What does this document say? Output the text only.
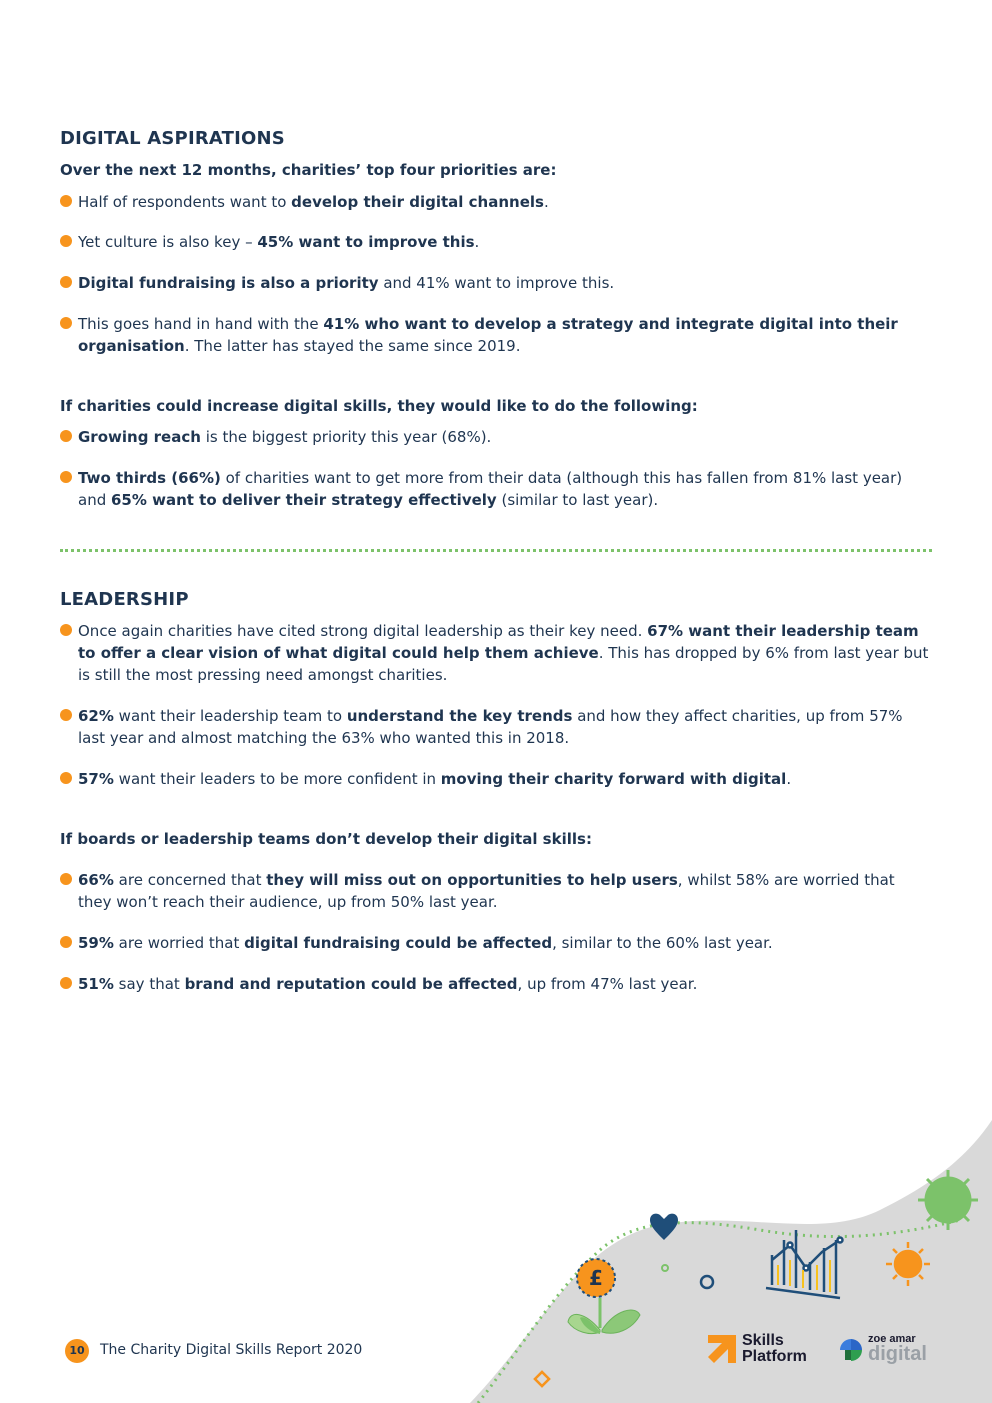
DIGITAL ASPIRATIONS

Over the next 12 months, charities’ top four priorities are:

Half of respondents want to develop their digital channels.
Yet culture is also key – 45% want to improve this.
Digital fundraising is also a priority and 41% want to improve this.
This goes hand in hand with the 41% who want to develop a strategy and integrate digital into their organisation. The latter has stayed the same since 2019.

If charities could increase digital skills, they would like to do the following:

Growing reach is the biggest priority this year (68%).
Two thirds (66%) of charities want to get more from their data (although this has fallen from 81% last year) and 65% want to deliver their strategy effectively (similar to last year).
LEADERSHIP
Once again charities have cited strong digital leadership as their key need. 67% want their leadership team to offer a clear vision of what digital could help them achieve. This has dropped by 6% from last year but is still the most pressing need amongst charities.
62% want their leadership team to understand the key trends and how they affect charities, up from 57% last year and almost matching the 63% who wanted this in 2018.
57% want their leaders to be more confident in moving their charity forward with digital.

If boards or leadership teams don’t develop their digital skills:

66% are concerned that they will miss out on opportunities to help users, whilst 58% are worried that they won’t reach their audience, up from 50% last year.
59% are worried that digital fundraising could be affected, similar to the 60% last year.
51% say that brand and reputation could be affected, up from 47% last year.
£
10	The Charity Digital Skills Report 2020
Skills
Platform
zoe amar
digital
